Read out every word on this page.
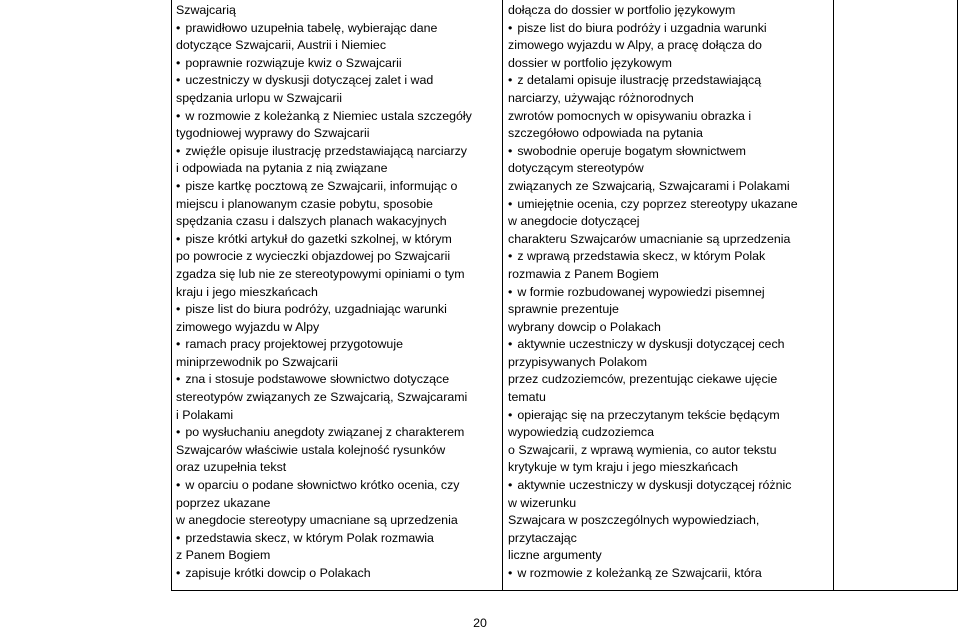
Szwajcarią
• prawidłowo uzupełnia tabelę, wybierając dane
dotyczące Szwajcarii, Austrii i Niemiec
• poprawnie rozwiązuje kwiz o Szwajcarii
• uczestniczy w dyskusji dotyczącej zalet i wad
spędzania urlopu w Szwajcarii
• w rozmowie z koleżanką z Niemiec ustala szczegóły
tygodniowej wyprawy do Szwajcarii
• zwięźle opisuje ilustrację przedstawiającą narciarzy
i odpowiada na pytania z nią związane
• pisze kartkę pocztową ze Szwajcarii, informując o
miejscu i planowanym czasie pobytu, sposobie
spędzania czasu i dalszych planach wakacyjnych
• pisze krótki artykuł do gazetki szkolnej, w którym
po powrocie z wycieczki objazdowej po Szwajcarii
zgadza się lub nie ze stereotypowymi opiniami o tym
kraju i jego mieszkańcach
• pisze list do biura podróży, uzgadniając warunki
zimowego wyjazdu w Alpy
• ramach pracy projektowej przygotowuje
miniprzewodnik po Szwajcarii
• zna i stosuje podstawowe słownictwo dotyczące
stereotypów związanych ze Szwajcarią, Szwajcarami
i Polakami
• po wysłuchaniu anegdoty związanej z charakterem
Szwajcarów właściwie ustala kolejność rysunków
oraz uzupełnia tekst
• w oparciu o podane słownictwo krótko ocenia, czy
poprzez ukazane
w anegdocie stereotypy umacniane są uprzedzenia
• przedstawia skecz, w którym Polak rozmawia
z Panem Bogiem
• zapisuje krótki dowcip o Polakach
dołącza do dossier w portfolio językowym
• pisze list do biura podróży i uzgadnia warunki
zimowego wyjazdu w Alpy, a pracę dołącza do
dossier w portfolio językowym
• z detalami opisuje ilustrację przedstawiającą
narciarzy, używając różnorodnych
zwrotów pomocnych w opisywaniu obrazka i
szczegółowo odpowiada na pytania
• swobodnie operuje bogatym słownictwem
dotyczącym stereotypów
związanych ze Szwajcarią, Szwajcarami i Polakami
• umiejętnie ocenia, czy poprzez stereotypy ukazane
w anegdocie dotyczącej
charakteru Szwajcarów umacnianie są uprzedzenia
• z wprawą przedstawia skecz, w którym Polak
rozmawia z Panem Bogiem
• w formie rozbudowanej wypowiedzi pisemnej
sprawnie prezentuje
wybrany dowcip o Polakach
• aktywnie uczestniczy w dyskusji dotyczącej cech
przypisywanych Polakom
przez cudzoziemców, prezentując ciekawe ujęcie
tematu
• opierając się na przeczytanym tekście będącym
wypowiedzią cudzoziemca
o Szwajcarii, z wprawą wymienia, co autor tekstu
krytykuje w tym kraju i jego mieszkańcach
• aktywnie uczestniczy w dyskusji dotyczącej różnic
w wizerunku
Szwajcara w poszczególnych wypowiedziach,
przytaczając
liczne argumenty
• w rozmowie z koleżanką ze Szwajcarii, która
20
